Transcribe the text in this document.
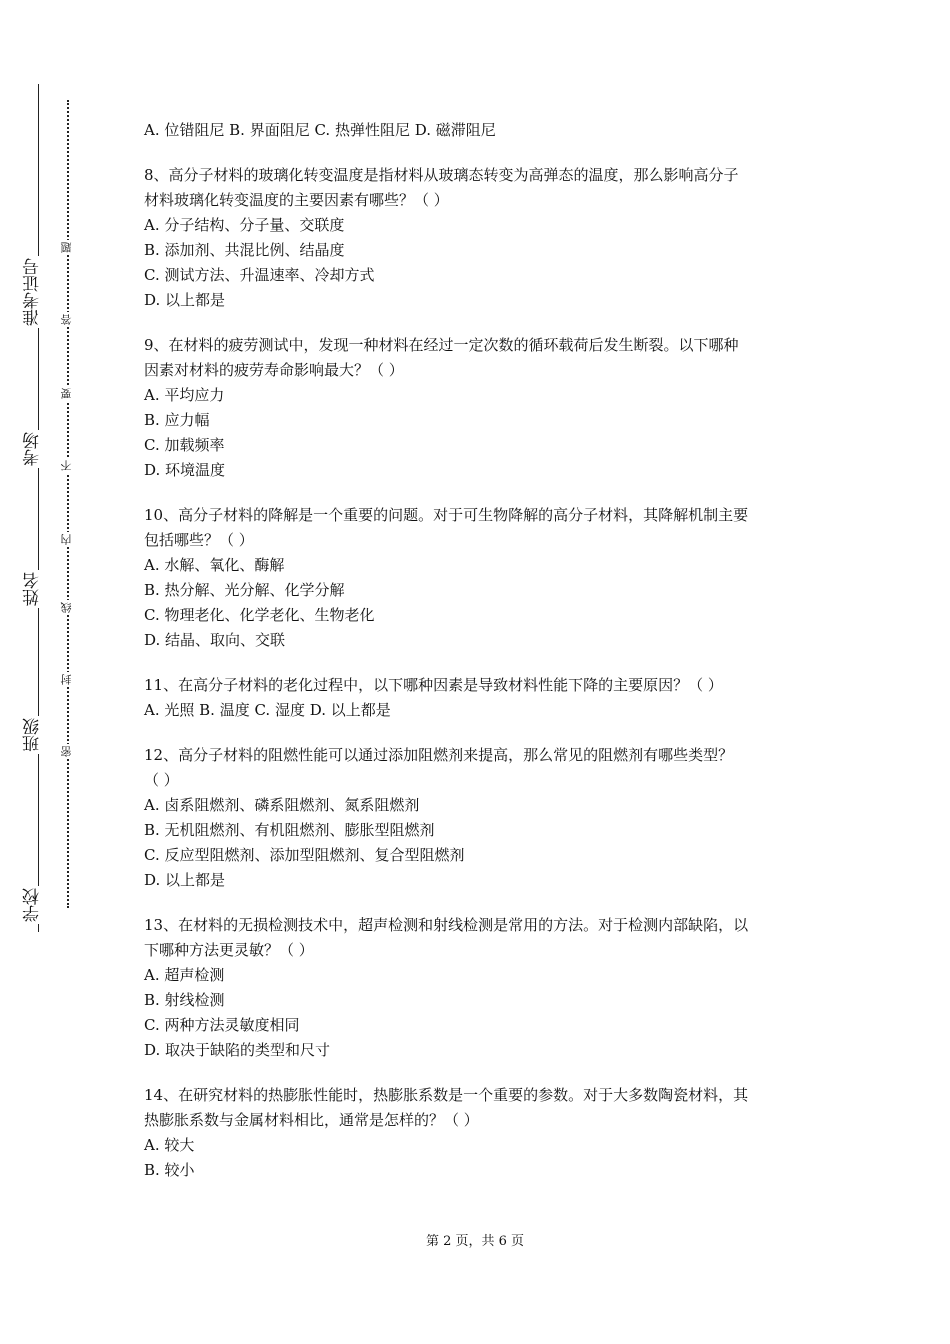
准考证号
考场
姓名
班级
学校
题
答
要
不
内
线
封
密
A. 位错阻尼 B. 界面阻尼 C. 热弹性阻尼 D. 磁滞阻尼
8、高分子材料的玻璃化转变温度是指材料从玻璃态转变为高弹态的温度，那么影响高分子
材料玻璃化转变温度的主要因素有哪些？（ ）
A. 分子结构、分子量、交联度
B. 添加剂、共混比例、结晶度
C. 测试方法、升温速率、冷却方式
D. 以上都是
9、在材料的疲劳测试中，发现一种材料在经过一定次数的循环载荷后发生断裂。以下哪种
因素对材料的疲劳寿命影响最大？（ ）
A. 平均应力
B. 应力幅
C. 加载频率
D. 环境温度
10、高分子材料的降解是一个重要的问题。对于可生物降解的高分子材料，其降解机制主要
包括哪些？（ ）
A. 水解、氧化、酶解
B. 热分解、光分解、化学分解
C. 物理老化、化学老化、生物老化
D. 结晶、取向、交联
11、在高分子材料的老化过程中，以下哪种因素是导致材料性能下降的主要原因？（ ）
A. 光照 B. 温度 C. 湿度 D. 以上都是
12、高分子材料的阻燃性能可以通过添加阻燃剂来提高，那么常见的阻燃剂有哪些类型？
（ ）
A. 卤系阻燃剂、磷系阻燃剂、氮系阻燃剂
B. 无机阻燃剂、有机阻燃剂、膨胀型阻燃剂
C. 反应型阻燃剂、添加型阻燃剂、复合型阻燃剂
D. 以上都是
13、在材料的无损检测技术中，超声检测和射线检测是常用的方法。对于检测内部缺陷，以
下哪种方法更灵敏？（ ）
A. 超声检测
B. 射线检测
C. 两种方法灵敏度相同
D. 取决于缺陷的类型和尺寸
14、在研究材料的热膨胀性能时，热膨胀系数是一个重要的参数。对于大多数陶瓷材料，其
热膨胀系数与金属材料相比，通常是怎样的？（ ）
A. 较大
B. 较小
第 2 页，共 6 页
